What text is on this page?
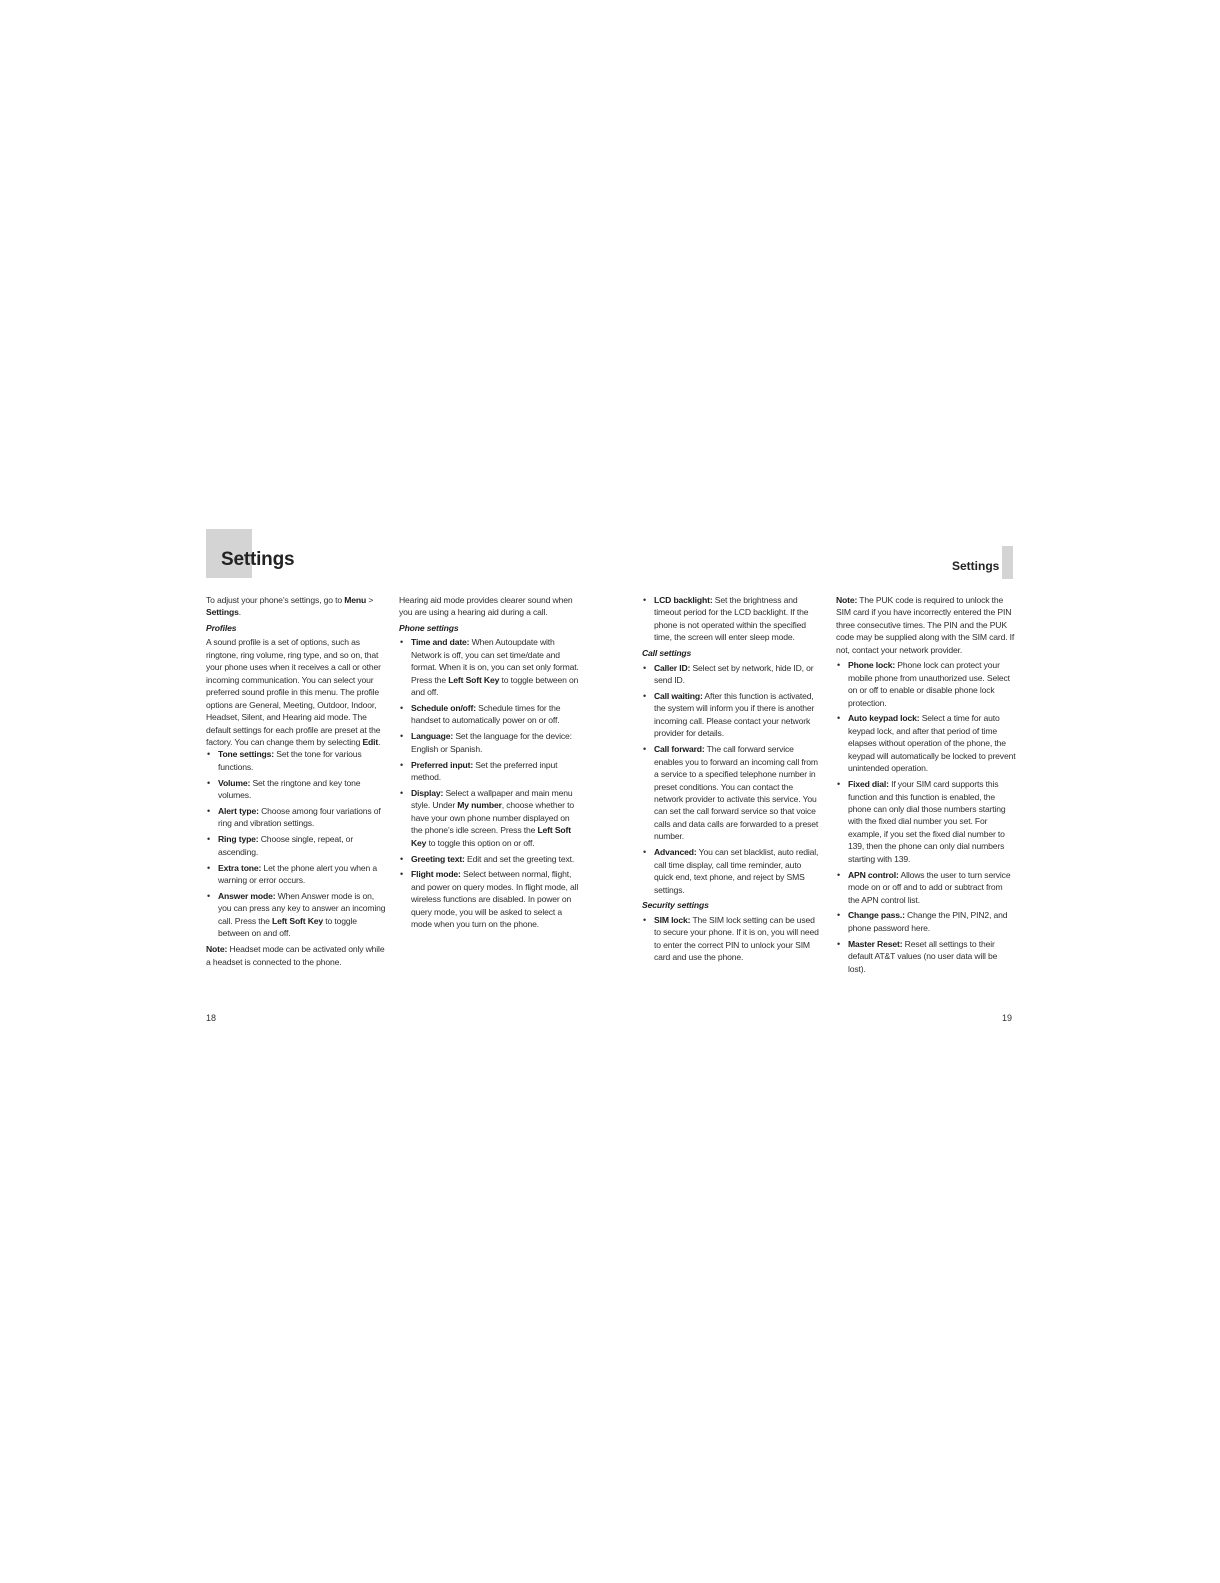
Settings	Settings

To adjust your phone’s settings, go to Menu > Settings.

Profiles

A sound profile is a set of options, such as ringtone, ring volume, ring type, and so on, that your phone uses when it receives a call or other incoming communication. You can select your preferred sound profile in this menu. The profile options are General, Meeting, Outdoor, Indoor, Headset, Silent, and Hearing aid mode. The default settings for each profile are preset at the factory. You can change them by selecting Edit.

• Tone settings: Set the tone for various functions.
• Volume: Set the ringtone and key tone volumes.
• Alert type: Choose among four variations of ring and vibration settings.
• Ring type: Choose single, repeat, or ascending.
• Extra tone: Let the phone alert you when a warning or error occurs.
• Answer mode: When Answer mode is on, you can press any key to answer an incoming call. Press the Left Soft Key to toggle between on and off.

Note: Headset mode can be activated only while a headset is connected to the phone.

Hearing aid mode provides clearer sound when you are using a hearing aid during a call.

Phone settings

• Time and date: When Autoupdate with Network is off, you can set time/date and format. When it is on, you can set only format. Press the Left Soft Key to toggle between on and off.
• Schedule on/off: Schedule times for the handset to automatically power on or off.
• Language: Set the language for the device: English or Spanish.
• Preferred input: Set the preferred input method.
• Display: Select a wallpaper and main menu style. Under My number, choose whether to have your own phone number displayed on the phone’s idle screen. Press the Left Soft Key to toggle this option on or off.
• Greeting text: Edit and set the greeting text.
• Flight mode: Select between normal, flight, and power on query modes. In flight mode, all wireless functions are disabled. In power on query mode, you will be asked to select a mode when you turn on the phone.
• LCD backlight: Set the brightness and timeout period for the LCD backlight. If the phone is not operated within the specified time, the screen will enter sleep mode.

Call settings

• Caller ID: Select set by network, hide ID, or send ID.
• Call waiting: After this function is activated, the system will inform you if there is another incoming call. Please contact your network provider for details.
• Call forward: The call forward service enables you to forward an incoming call from a service to a specified telephone number in preset conditions. You can contact the network provider to activate this service. You can set the call forward service so that voice calls and data calls are forwarded to a preset number.
• Advanced: You can set blacklist, auto redial, call time display, call time reminder, auto quick end, text phone, and reject by SMS settings.

Security settings

• SIM lock: The SIM lock setting can be used to secure your phone. If it is on, you will need to enter the correct PIN to unlock your SIM card and use the phone.

Note: The PUK code is required to unlock the SIM card if you have incorrectly entered the PIN three consecutive times. The PIN and the PUK code may be supplied along with the SIM card. If not, contact your network provider.

• Phone lock: Phone lock can protect your mobile phone from unauthorized use. Select on or off to enable or disable phone lock protection.
• Auto keypad lock: Select a time for auto keypad lock, and after that period of time elapses without operation of the phone, the keypad will automatically be locked to prevent unintended operation.
• Fixed dial: If your SIM card supports this function and this function is enabled, the phone can only dial those numbers starting with the fixed dial number you set. For example, if you set the fixed dial number to 139, then the phone can only dial numbers starting with 139.
• APN control: Allows the user to turn service mode on or off and to add or subtract from the APN control list.
• Change pass.: Change the PIN, PIN2, and phone password here.
• Master Reset: Reset all settings to their default AT&T values (no user data will be lost).
18	19
